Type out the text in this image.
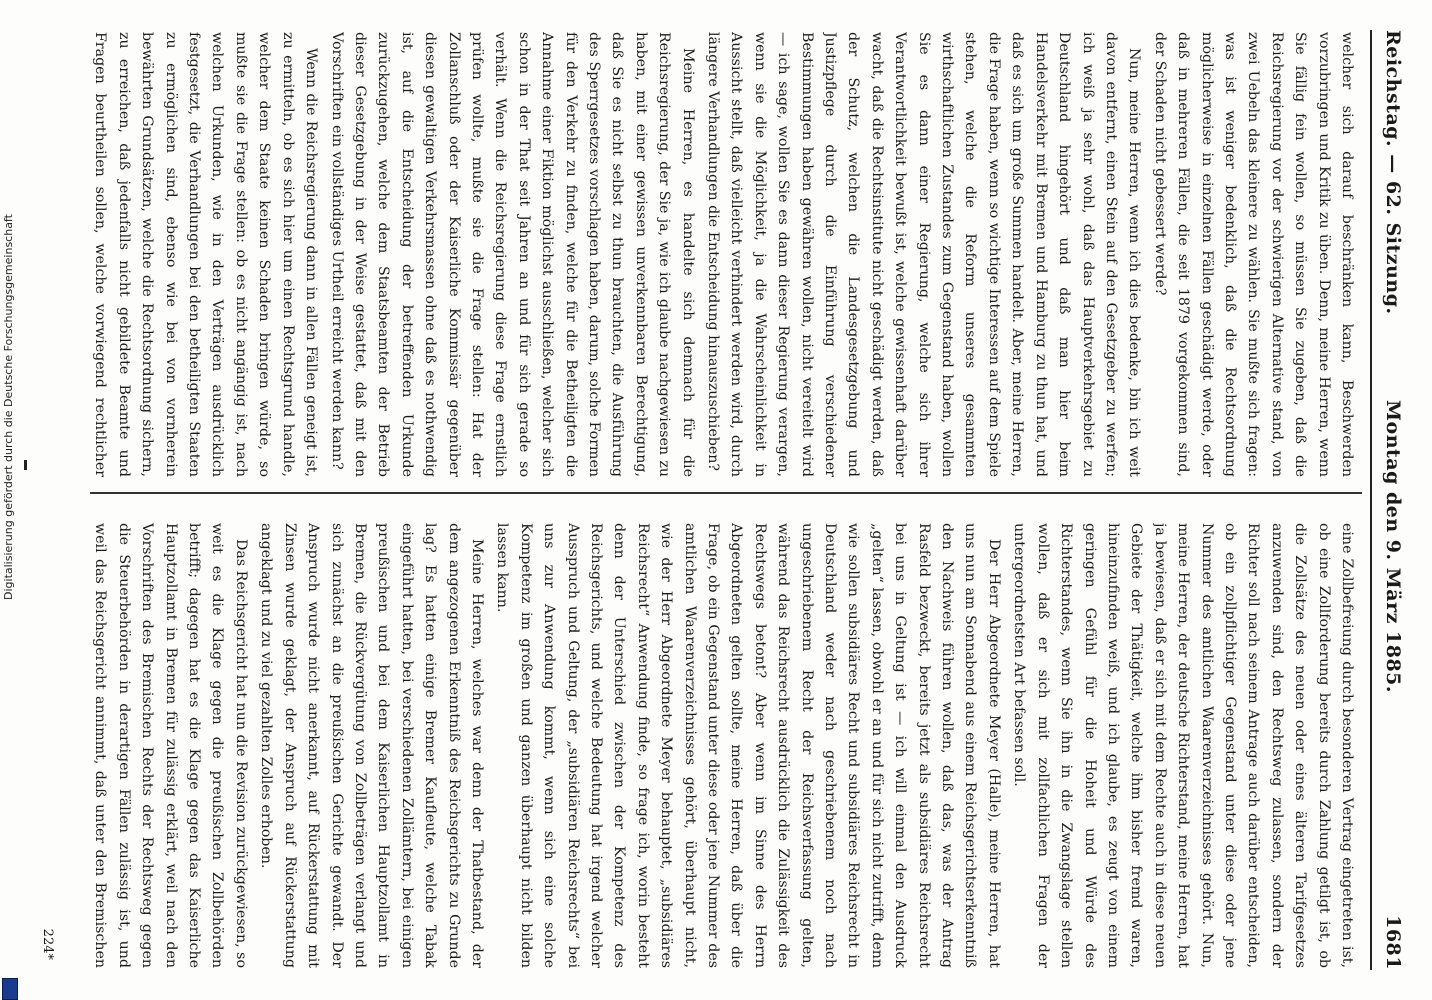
Reichstag. — 62. Sitzung.
Montag den 9. März 1885.
1681

welcher sich darauf beschränken kann, Beschwerden vorzubringen und Kritik zu üben. Denn, meine Herren, wenn Sie fällig fein wollen, so müssen Sie zugeben, daß die Reichsregierung vor der schwierigen Alternative stand, von zwei Uebeln das kleinere zu wählen. Sie mußte sich fragen: was ist weniger bedenklich, daß die Rechtsordnung möglicherweise in einzelnen Fällen geschädigt werde, oder daß in mehreren Fällen, die seit 1879 vorgekommen sind, der Schaden nicht gebessert werde?

Nun, meine Herren, wenn ich dies bedenke, bin ich weit davon entfernt, einen Stein auf den Gesetzgeber zu werfen; ich weiß ja sehr wohl, daß das Hauptverkehrsgebiet zu Deutschland hingehört und daß man hier beim Handelsverkehr mit Bremen und Hamburg zu thun hat, und daß es sich um große Summen handelt. Aber, meine Herren, die Frage haben, wenn so wichtige Interessen auf dem Spiele stehen, welche die Reform unseres gesammten wirthschaftlichen Zustandes zum Gegenstand haben, wollen Sie es dann einer Regierung, welche sich ihrer Verantwortlichkeit bewußt ist, welche gewissenhaft darüber wacht, daß die Rechtsinstitute nicht geschädigt werden, daß der Schutz, welchen die Landesgesetzgebung und Justizpflege durch die Einführung verschiedener Bestimmungen haben gewähren wollen, nicht vereitelt wird — ich sage, wollen Sie es dann dieser Regierung verargen, wenn sie die Möglichkeit, ja die Wahrscheinlichkeit in Aussicht stellt, daß vielleicht verhindert werden wird, durch längere Verhandlungen die Entscheidung hinauszuschieben?

Meine Herren, es handelte sich demnach für die Reichsregierung, der Sie ja, wie ich glaube nachgewiesen zu haben, mit einer gewissen unverkennbaren Berechtigung, daß Sie es nicht selbst zu thun brauchten, die Ausführung des Sperrgesetzes vorschlagen haben, darum, solche Formen für den Verkehr zu finden, welche für die Betheiligten die Annahme einer Fiktion möglichst ausschließen, welcher sich schon in der That seit Jahren an und für sich gerade so verhält. Wenn die Reichsregierung diese Frage ernstlich prüfen wollte, mußte sie die Frage stellen: Hat der Zollanschluß oder der Kaiserliche Kommissär gegenüber diesen gewaltigen Verkehrsmassen ohne daß es nothwendig ist, auf die Entscheidung der betreffenden Urkunde zurückzugehen, welche dem Staatsbeamten der Betrieb dieser Gesetzgebung in der Weise gestattet, daß mit den Vorschriften ein vollständiges Urtheil erreicht werden kann?

Wenn die Reichsregierung dann in allen Fällen geneigt ist, zu ermitteln, ob es sich hier um einen Rechtsgrund handle, welcher dem Staate keinen Schaden bringen würde, so mußte sie die Frage stellen: ob es nicht angängig ist, nach welchen Urkunden, wie in den Verträgen ausdrücklich festgesetzt, die Verhandlungen bei den betheiligten Staaten zu ermöglichen sind, ebenso wie bei von vornherein bewährten Grundsätzen, welche die Rechtsordnung sichern, zu erreichen, daß jedenfalls nicht gebildete Beamte und Fragen beurtheilen sollen, welche vorwiegend rechtlicher

eine Zollbefreiung durch besonderen Vertrag eingetreten ist, ob eine Zollforderung bereits durch Zahlung getilgt ist, ob die Zollsätze des neuen oder eines älteren Tarifgesetzes anzuwenden sind, den Rechtsweg zulassen, sondern der Richter soll nach seinem Antrage auch darüber entscheiden, ob ein zollpflichtiger Gegenstand unter diese oder jene Nummer des amtlichen Waarenverzeichnisses gehört. Nun, meine Herren, der deutsche Richterstand, meine Herren, hat ja bewiesen, daß er sich mit dem Rechte auch in diese neuen Gebiete der Thätigkeit, welche ihm bisher fremd waren, hineinzufinden weiß, und ich glaube, es zeugt von einem geringen Gefühl für die Hoheit und Würde des Richterstandes, wenn Sie ihn in die Zwangslage stellen wollen, daß er sich mit zollfachlichen Fragen der untergeordnetsten Art befassen soll.

Der Herr Abgeordnete Meyer (Halle), meine Herren, hat uns nun am Sonnabend aus einem Reichsgerichtserkenntniß den Nachweis führen wollen, daß das, was der Antrag Rasfeld bezweckt, bereits jetzt als subsidiäres Reichsrecht bei uns in Geltung ist — ich will einmal den Ausdruck „gelten“ lassen, obwohl er an und für sich nicht zutrifft, denn wie sollen subsidiäres Recht und subsidiäres Reichsrecht in Deutschland weder nach geschriebenem noch nach ungeschriebenem Recht der Reichsverfassung gelten, während das Reichsrecht ausdrücklich die Zulässigkeit des Rechtswegs betont? Aber wenn im Sinne des Herrn Abgeordneten gelten sollte, meine Herren, daß über die Frage, ob ein Gegenstand unter diese oder jene Nummer des amtlichen Waarenverzeichnisses gehört, überhaupt nicht, wie der Herr Abgeordnete Meyer behauptet, „subsidiäres Reichsrecht“ Anwendung finde, so frage ich, worin besteht denn der Unterschied zwischen der Kompetenz des Reichsgerichts, und welche Bedeutung hat irgend welcher Ausspruch und Geltung, der „subsidiären Reichsrechts“ bei uns zur Anwendung kommt, wenn sich eine solche Kompetenz im großen und ganzen überhaupt nicht bilden lassen kann.

Meine Herren, welches war denn der Thatbestand, der dem angezogenen Erkenntniß des Reichsgerichts zu Grunde lag? Es hatten einige Bremer Kaufleute, welche Tabak eingeführt hatten, bei verschiedenen Zollämtern, bei einigen preußischen und bei dem Kaiserlichen Hauptzollamt in Bremen, die Rückvergütung von Zollbeträgen verlangt und sich zunächst an die preußischen Gerichte gewandt. Der Anspruch wurde nicht anerkannt, auf Rückerstattung mit Zinsen wurde geklagt, der Anspruch auf Rückerstattung angeklagt und zu viel gezahlten Zolles erhoben.

Das Reichsgericht hat nun die Revision zurückgewiesen, so weit es die Klage gegen die preußischen Zollbehörden betrifft; dagegen hat es die Klage gegen das Kaiserliche Hauptzollamt in Bremen für zulässig erklärt, weil nach den Vorschriften des Bremischen Rechts der Rechtsweg gegen die Steuerbehörden in derartigen Fällen zulässig ist, und weil das Reichsgericht annimmt, daß unter den Bremischen

224*
Digitalisierung gefördert durch die Deutsche Forschungsgemeinschaft
